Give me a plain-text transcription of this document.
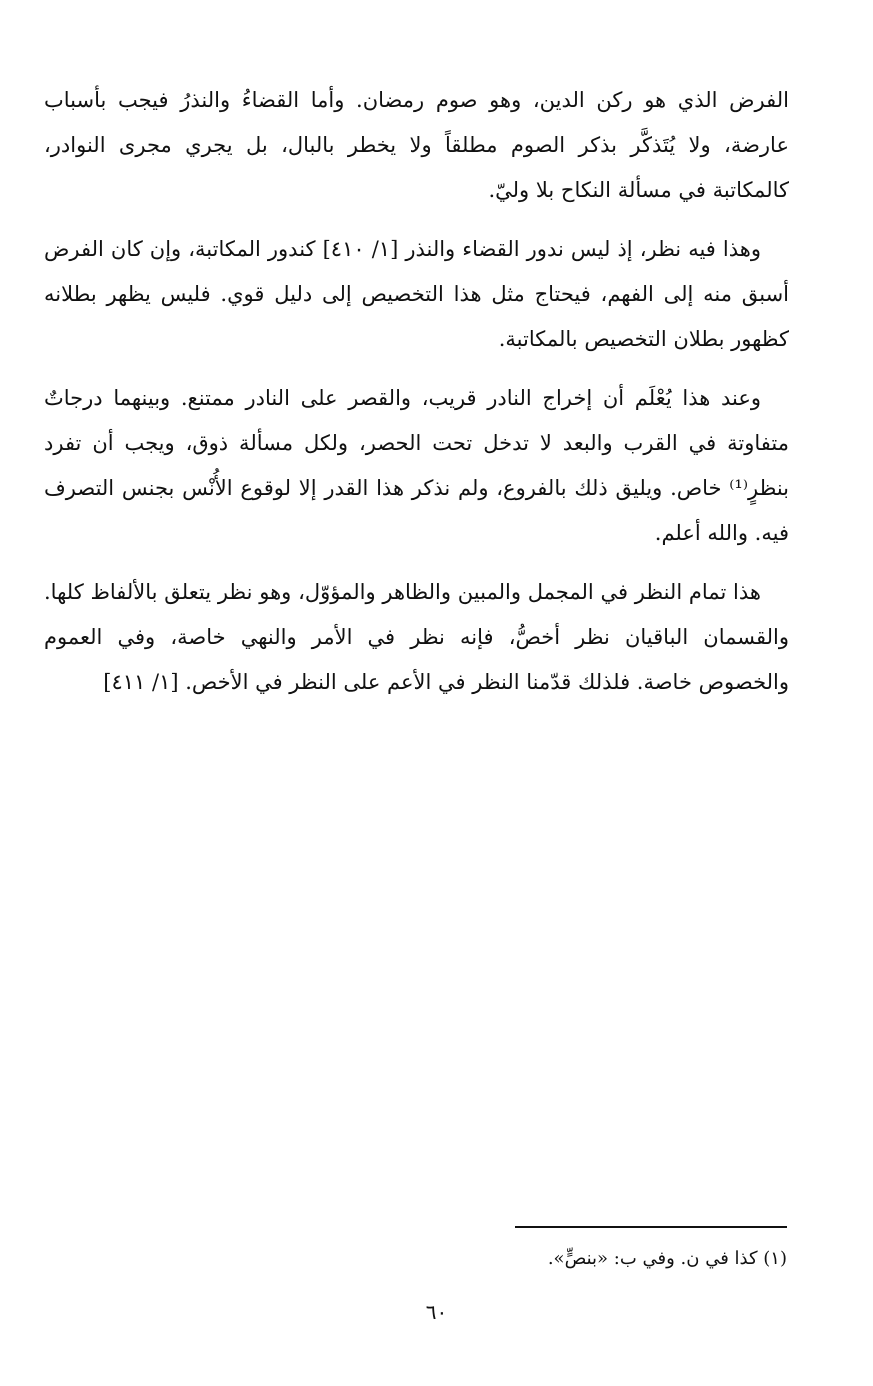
الفرض الذي هو ركن الدين، وهو صوم رمضان. وأما القضاءُ والنذرُ فيجب بأسباب عارضة، ولا يُتَذكَّر بذكر الصوم مطلقاً ولا يخطر بالبال، بل يجري مجرى النوادر، كالمكاتبة في مسألة النكاح بلا وليّ.

وهذا فيه نظر، إذ ليس ندور القضاء والنذر [١/ ٤١٠] كندور المكاتبة، وإن كان الفرض أسبق منه إلى الفهم، فيحتاج مثل هذا التخصيص إلى دليل قوي. فليس يظهر بطلانه كظهور بطلان التخصيص بالمكاتبة.

وعند هذا يُعْلَم أن إخراج النادر قريب، والقصر على النادر ممتنع. وبينهما درجاتٌ متفاوتة في القرب والبعد لا تدخل تحت الحصر، ولكل مسألة ذوق، ويجب أن تفرد بنظرٍ⁽¹⁾ خاص. ويليق ذلك بالفروع، ولم نذكر هذا القدر إلا لوقوع الأُنْس بجنس التصرف فيه. والله أعلم.

هذا تمام النظر في المجمل والمبين والظاهر والمؤوّل، وهو نظر يتعلق بالألفاظ كلها. والقسمان الباقيان نظر أخصُّ، فإنه نظر في الأمر والنهي خاصة، وفي العموم والخصوص خاصة. فلذلك قدّمنا النظر في الأعم على النظر في الأخص. [١/ ٤١١]

(١) كذا في ن. وفي ب: «بنصٍّ».
٦٠
